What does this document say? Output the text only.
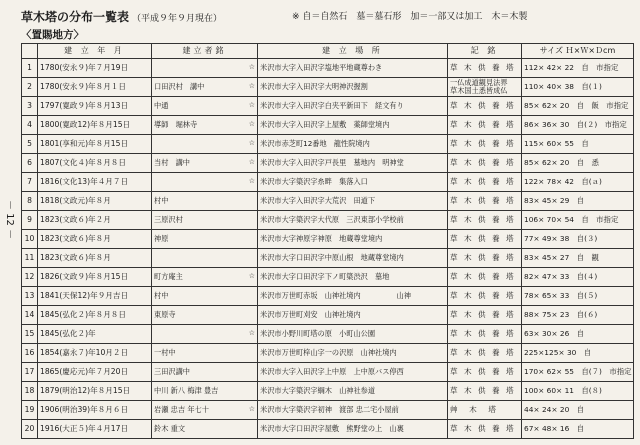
－ 12 －
草木塔の分布一覧表 （平成９年９月現在）	※ 自＝自然石　墓＝墓石形　加＝一部又は加工　木＝木製
〈置賜地方〉
	建 立 年 月	建立者銘	建 立 場 所	記 銘	サイズ Ｈ×Ｗ×Ｄcm
1	1780(安永９)年７月19日	☆	米沢市大字入田沢字塩地平地蔵尊わき	草 木 供 養 塔	112× 42× 22　自　市指定
2	1780(安永９)年８月１日	口田沢村　講中 ☆	米沢市大字入田沢字大明神沢握割	一仏成道観見法界
草木国土悉皆成仏	110× 40× 38　自(１)
3	1797(寛政９)年８月13日	中通 ☆	米沢市大字入田沢字白夹平新田下　経文有り	草 木 供 養 塔	85× 62× 20　自　飯　市指定
4	1800(寛政12)年８月15日	導師　堀林寺 ☆	米沢市大字入田沢字上屋敷　薬師堂境内	草 木 供 養 塔	86× 36× 30　自(２)　市指定
5	1801(享和元)年８月15日	☆	米沢市赤芝町12番地　龍性院境内	草 木 供 養 塔	115× 60× 55　自
6	1807(文化４)年８月８日	当村　講中 ☆	米沢市大字入田沢字戸長里　墓地内　明神堂	草 木 供 養 塔	85× 62× 20　自　悉
7	1816(文化13)年４月７日	☆	米沢市大字簗沢字糸畔　集落入口	草 木 供 養 塔	122× 78× 42　自(ａ)
8	1818(文政元)年８月	村中	米沢市大字入田沢字大荒沢　田道下	草 木 供 養 塔	83× 45× 29　自
9	1823(文政６)年２月	三原沢村	米沢市大字簗沢字大代原　三沢東部小学校前	草 木 供 養 塔	106× 70× 54　自　市指定
10	1823(文政６)年８月	神原	米沢市大字神原字神原　地蔵尊堂境内	草 木 供 養 塔	77× 49× 38　自(３)
11	1823(文政６)年８月		米沢市大字口田沢字中原山根　地蔵尊堂境内	草 木 供 養 塔	83× 45× 27　自　観
12	1826(文政９)年８月15日	町方庵主 ☆	米沢市大字口田沢字下ノ町簗渋沢　墓地	草 木 供 養 塔	82× 47× 33　自(４)
13	1841(天保12)年９月吉日	村中	米沢市万世町赤坂　山神社境内　　　　　山神	草 木 供 養 塔	78× 65× 33　自(５)
14	1845(弘化２)年８月８日	東原寺	米沢市万世町刈安　山神社境内	草 木 供 養 塔	88× 75× 23　自(６)
15	1845(弘化２)年	☆	米沢市小野川町塔の原　小町山公園	草 木 供 養 塔	63× 30× 26　自
16	1854(嘉永７)年10月２日	一村中	米沢市万世町梓山字一の沢原　山神社境内	草 木 供 養 塔	225×125× 30　自
17	1865(慶応元)年７月20日	三田沢講中	米沢市大字入田沢字上中原　上中原バス停西	草 木 供 養 塔	170× 62× 55　自(７)　市指定
18	1879(明治12)年８月15日	中川 新八 梅津 豊吉	米沢市大字簗沢字綱木　山神社参道	草 木 供 養 塔	100× 60× 11　自(８)
19	1906(明治39)年８月６日	岩瀬 忠吉 年七十 ☆	米沢市大字簗沢字初神　渡部 忠二宅小屋前	艸　木　塔	44× 24× 20　自
20	1916(大正５)年４月17日	鈴木 重文	米沢市大字口田沢字屋敷　熊野堂の上　山裏	草 木 供 養 塔	67× 48× 16　自
